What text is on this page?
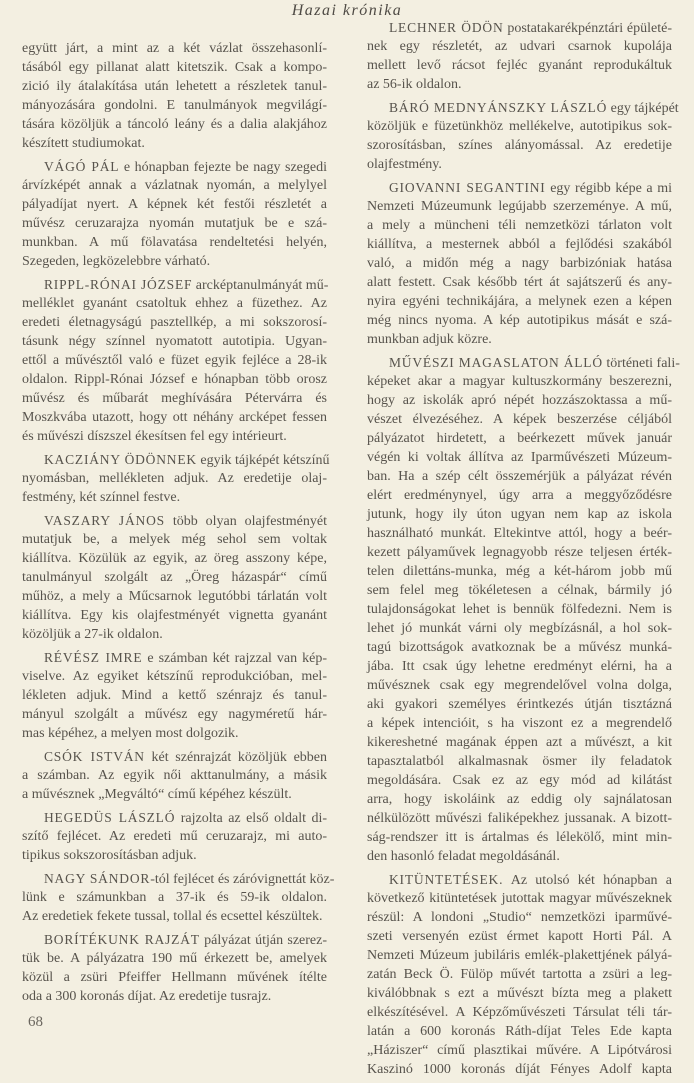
Hazai krónika
együtt járt, a mint az a két vázlat összehasonlí-
tásából egy pillanat alatt kitetszik. Csak a kompo-
zició ily átalakítása után lehetett a részletek tanul-
mányozására gondolni. E tanulmányok megvilágí-
tására közöljük a táncoló leány és a dalia alakjához
készített studiumokat.
VÁGÓ PÁL e hónapban fejezte be nagy szegedi
árvízképét annak a vázlatnak nyomán, a melylyel
pályadíjat nyert. A képnek két festői részletét a
művész ceruzarajza nyomán mutatjuk be e szá-
munkban. A mű fölavatása rendeltetési helyén,
Szegeden, legközelebbre várható.
RIPPL-RÓNAI JÓZSEF arcképtanulmányát mű-
melléklet gyanánt csatoltuk ehhez a füzethez. Az
eredeti életnagyságú pasztellkép, a mi sokszorosí-
tásunk négy színnel nyomatott autotipia. Ugyan-
ettől a művésztől való e füzet egyik fejléce a 28-ik
oldalon. Rippl-Rónai József e hónapban több orosz
művész és műbarát meghívására Pétervárra és
Moszkvába utazott, hogy ott néhány arcképet fessen
és művészi díszszel ékesítsen fel egy intérieurt.
KACZIÁNY ÖDÖNNEK egyik tájképét kétszínű
nyomásban, mellékleten adjuk. Az eredetije olaj-
festmény, két színnel festve.
VASZARY JÁNOS több olyan olajfestményét
mutatjuk be, a melyek még sehol sem voltak
kiállítva. Közülük az egyik, az öreg asszony képe,
tanulmányul szolgált az „Öreg házaspár“ című
műhöz, a mely a Műcsarnok legutóbbi tárlatán volt
kiállítva. Egy kis olajfestményét vignetta gyanánt
közöljük a 27-ik oldalon.
RÉVÉSZ IMRE e számban két rajzzal van kép-
viselve. Az egyiket kétszínű reprodukcióban, mel-
lékleten adjuk. Mind a kettő szénrajz és tanul-
mányul szolgált a művész egy nagyméretű hár-
mas képéhez, a melyen most dolgozik.
CSÓK ISTVÁN két szénrajzát közöljük ebben
a számban. Az egyik női akttanulmány, a másik
a művésznek „Megváltó“ című képéhez készült.
HEGEDÜS LÁSZLÓ rajzolta az első oldalt di-
szítő fejlécet. Az eredeti mű ceruzarajz, mi auto-
tipikus sokszorosításban adjuk.
NAGY SÁNDOR-tól fejlécet és záróvignettát köz-
lünk e számunkban a 37-ik és 59-ik oldalon.
Az eredetiek fekete tussal, tollal és ecsettel készültek.
BORÍTÉKUNK RAJZÁT pályázat útján szerez-
tük be. A pályázatra 190 mű érkezett be, amelyek
közül a zsüri Pfeiffer Hellmann művének ítélte
oda a 300 koronás díjat. Az eredetije tusrajz.
LECHNER ÖDÖN postatakarékpénztári épületé-
nek egy részletét, az udvari csarnok kupolája
mellett levő rácsot fejléc gyanánt reprodukáltuk
az 56-ik oldalon.
BÁRÓ MEDNYÁNSZKY LÁSZLÓ egy tájképét
közöljük e füzetünkhöz mellékelve, autotipikus sok-
szorosításban, színes alányomással. Az eredetije
olajfestmény.
GIOVANNI SEGANTINI egy régibb képe a mi
Nemzeti Múzeumunk legújabb szerzeménye. A mű,
a mely a müncheni téli nemzetközi tárlaton volt
kiállítva, a mesternek abból a fejlődési szakából
való, a midőn még a nagy barbizóniak hatása
alatt festett. Csak később tért át sajátszerű és any-
nyira egyéni technikájára, a melynek ezen a képen
még nincs nyoma. A kép autotipikus mását e szá-
munkban adjuk közre.
MŰVÉSZI MAGASLATON ÁLLÓ történeti fali-
képeket akar a magyar kultuszkormány beszerezni,
hogy az iskolák apró népét hozzászoktassa a mű-
vészet élvezéséhez. A képek beszerzése céljából
pályázatot hirdetett, a beérkezett művek január
végén ki voltak állítva az Iparművészeti Múzeum-
ban. Ha a szép célt összemérjük a pályázat révén
elért eredménynyel, úgy arra a meggyőződésre
jutunk, hogy ily úton ugyan nem kap az iskola
használható munkát. Eltekintve attól, hogy a beér-
kezett pályaművek legnagyobb része teljesen érték-
telen dilettáns-munka, még a két-három jobb mű
sem felel meg tökéletesen a célnak, bármily jó
tulajdonságokat lehet is bennük fölfedezni. Nem is
lehet jó munkát várni oly megbízásnál, a hol sok-
tagú bizottságok avatkoznak be a művész munká-
jába. Itt csak úgy lehetne eredményt elérni, ha a
művésznek csak egy megrendelővel volna dolga,
aki gyakori személyes érintkezés útján tisztázná
a képek intencióit, s ha viszont ez a megrendelő
kikereshetné magának éppen azt a művészt, a kit
tapasztalatból alkalmasnak ösmer ily feladatok
megoldására. Csak ez az egy mód ad kilátást
arra, hogy iskoláink az eddig oly sajnálatosan
nélkülözött művészi faliképekhez jussanak. A bizott-
ság-rendszer itt is ártalmas és lélekölő, mint min-
den hasonló feladat megoldásánál.
KITÜNTETÉSEK. Az utolsó két hónapban a
következő kitüntetések jutottak magyar művészeknek
részül: A londoni „Studio“ nemzetközi iparművé-
szeti versenyén ezüst érmet kapott Horti Pál. A
Nemzeti Múzeum jubiláris emlék-plakettjének pályá-
zatán Beck Ö. Fülöp művét tartotta a zsüri a leg-
kiválóbbnak s ezt a művészt bízta meg a plakett
elkészítésével. A Képzőművészeti Társulat téli tár-
latán a 600 koronás Ráth-díjat Teles Ede kapta
„Háziszer“ című plasztikai művére. A Lipótvárosi
Kaszinó 1000 koronás díját Fényes Adolf kapta
68
